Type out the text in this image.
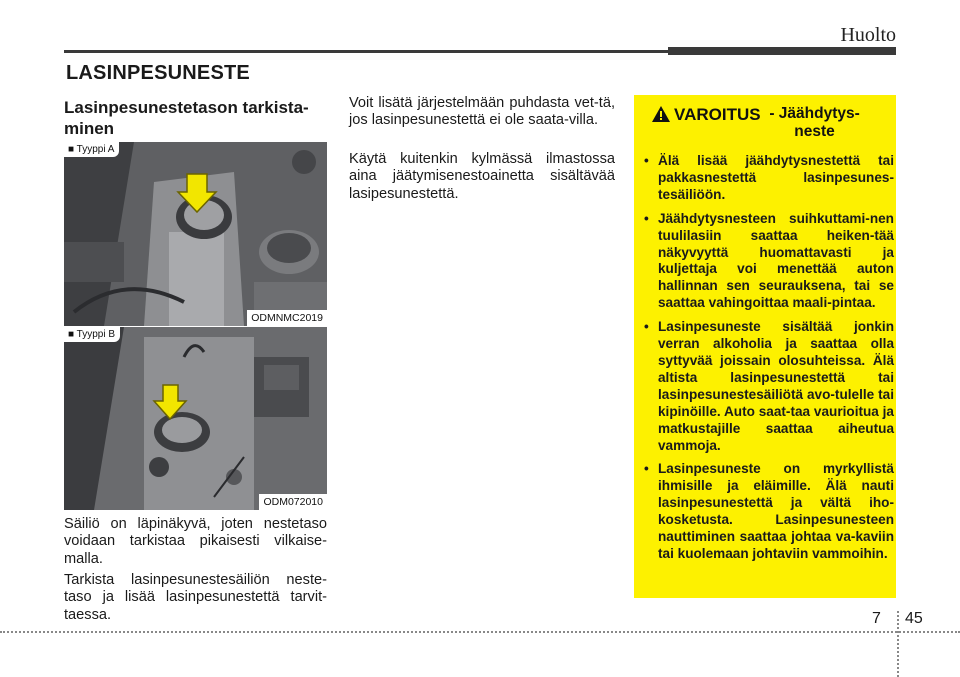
Huolto
LASINPESUNESTE
Lasinpesunestetason tarkista-
minen
■ Tyyppi A
ODMNMC2019
■ Tyyppi B
ODM072010

Säiliö on läpinäkyvä, joten nestetaso voidaan tarkistaa pikaisesti vilkaise-malla.

Tarkista lasinpesunestesäiliön neste-taso ja lisää lasinpesunestettä tarvit-taessa.

Voit lisätä järjestelmään puhdasta vet-tä, jos lasinpesunestettä ei ole saata-villa.

Käytä kuitenkin kylmässä ilmastossa aina jäätymisenestoainetta sisältävää lasipesunestettä.

VAROITUS - Jäähdytys-
neste
• Älä lisää jäähdytysnestettä tai pakkasnestettä lasinpesunes-tesäiliöön.
• Jäähdytysnesteen suihkuttami-nen tuulilasiin saattaa heiken-tää näkyvyyttä huomattavasti ja kuljettaja voi menettää auton hallinnan sen seurauksena, tai se saattaa vahingoittaa maali-pintaa.
• Lasinpesuneste sisältää jonkin verran alkoholia ja saattaa olla syttyvää joissain olosuhteissa. Älä altista lasinpesunestettä tai lasinpesunestesäiliötä avo-tulelle tai kipinöille. Auto saat-taa vaurioitua ja matkustajille saattaa aiheutua vammoja.
• Lasinpesuneste on myrkyllistä ihmisille ja eläimille. Älä nauti lasinpesunestettä ja vältä iho-kosketusta. Lasinpesunesteen nauttiminen saattaa johtaa va-kaviin tai kuolemaan johtaviin vammoihin.
7 45
